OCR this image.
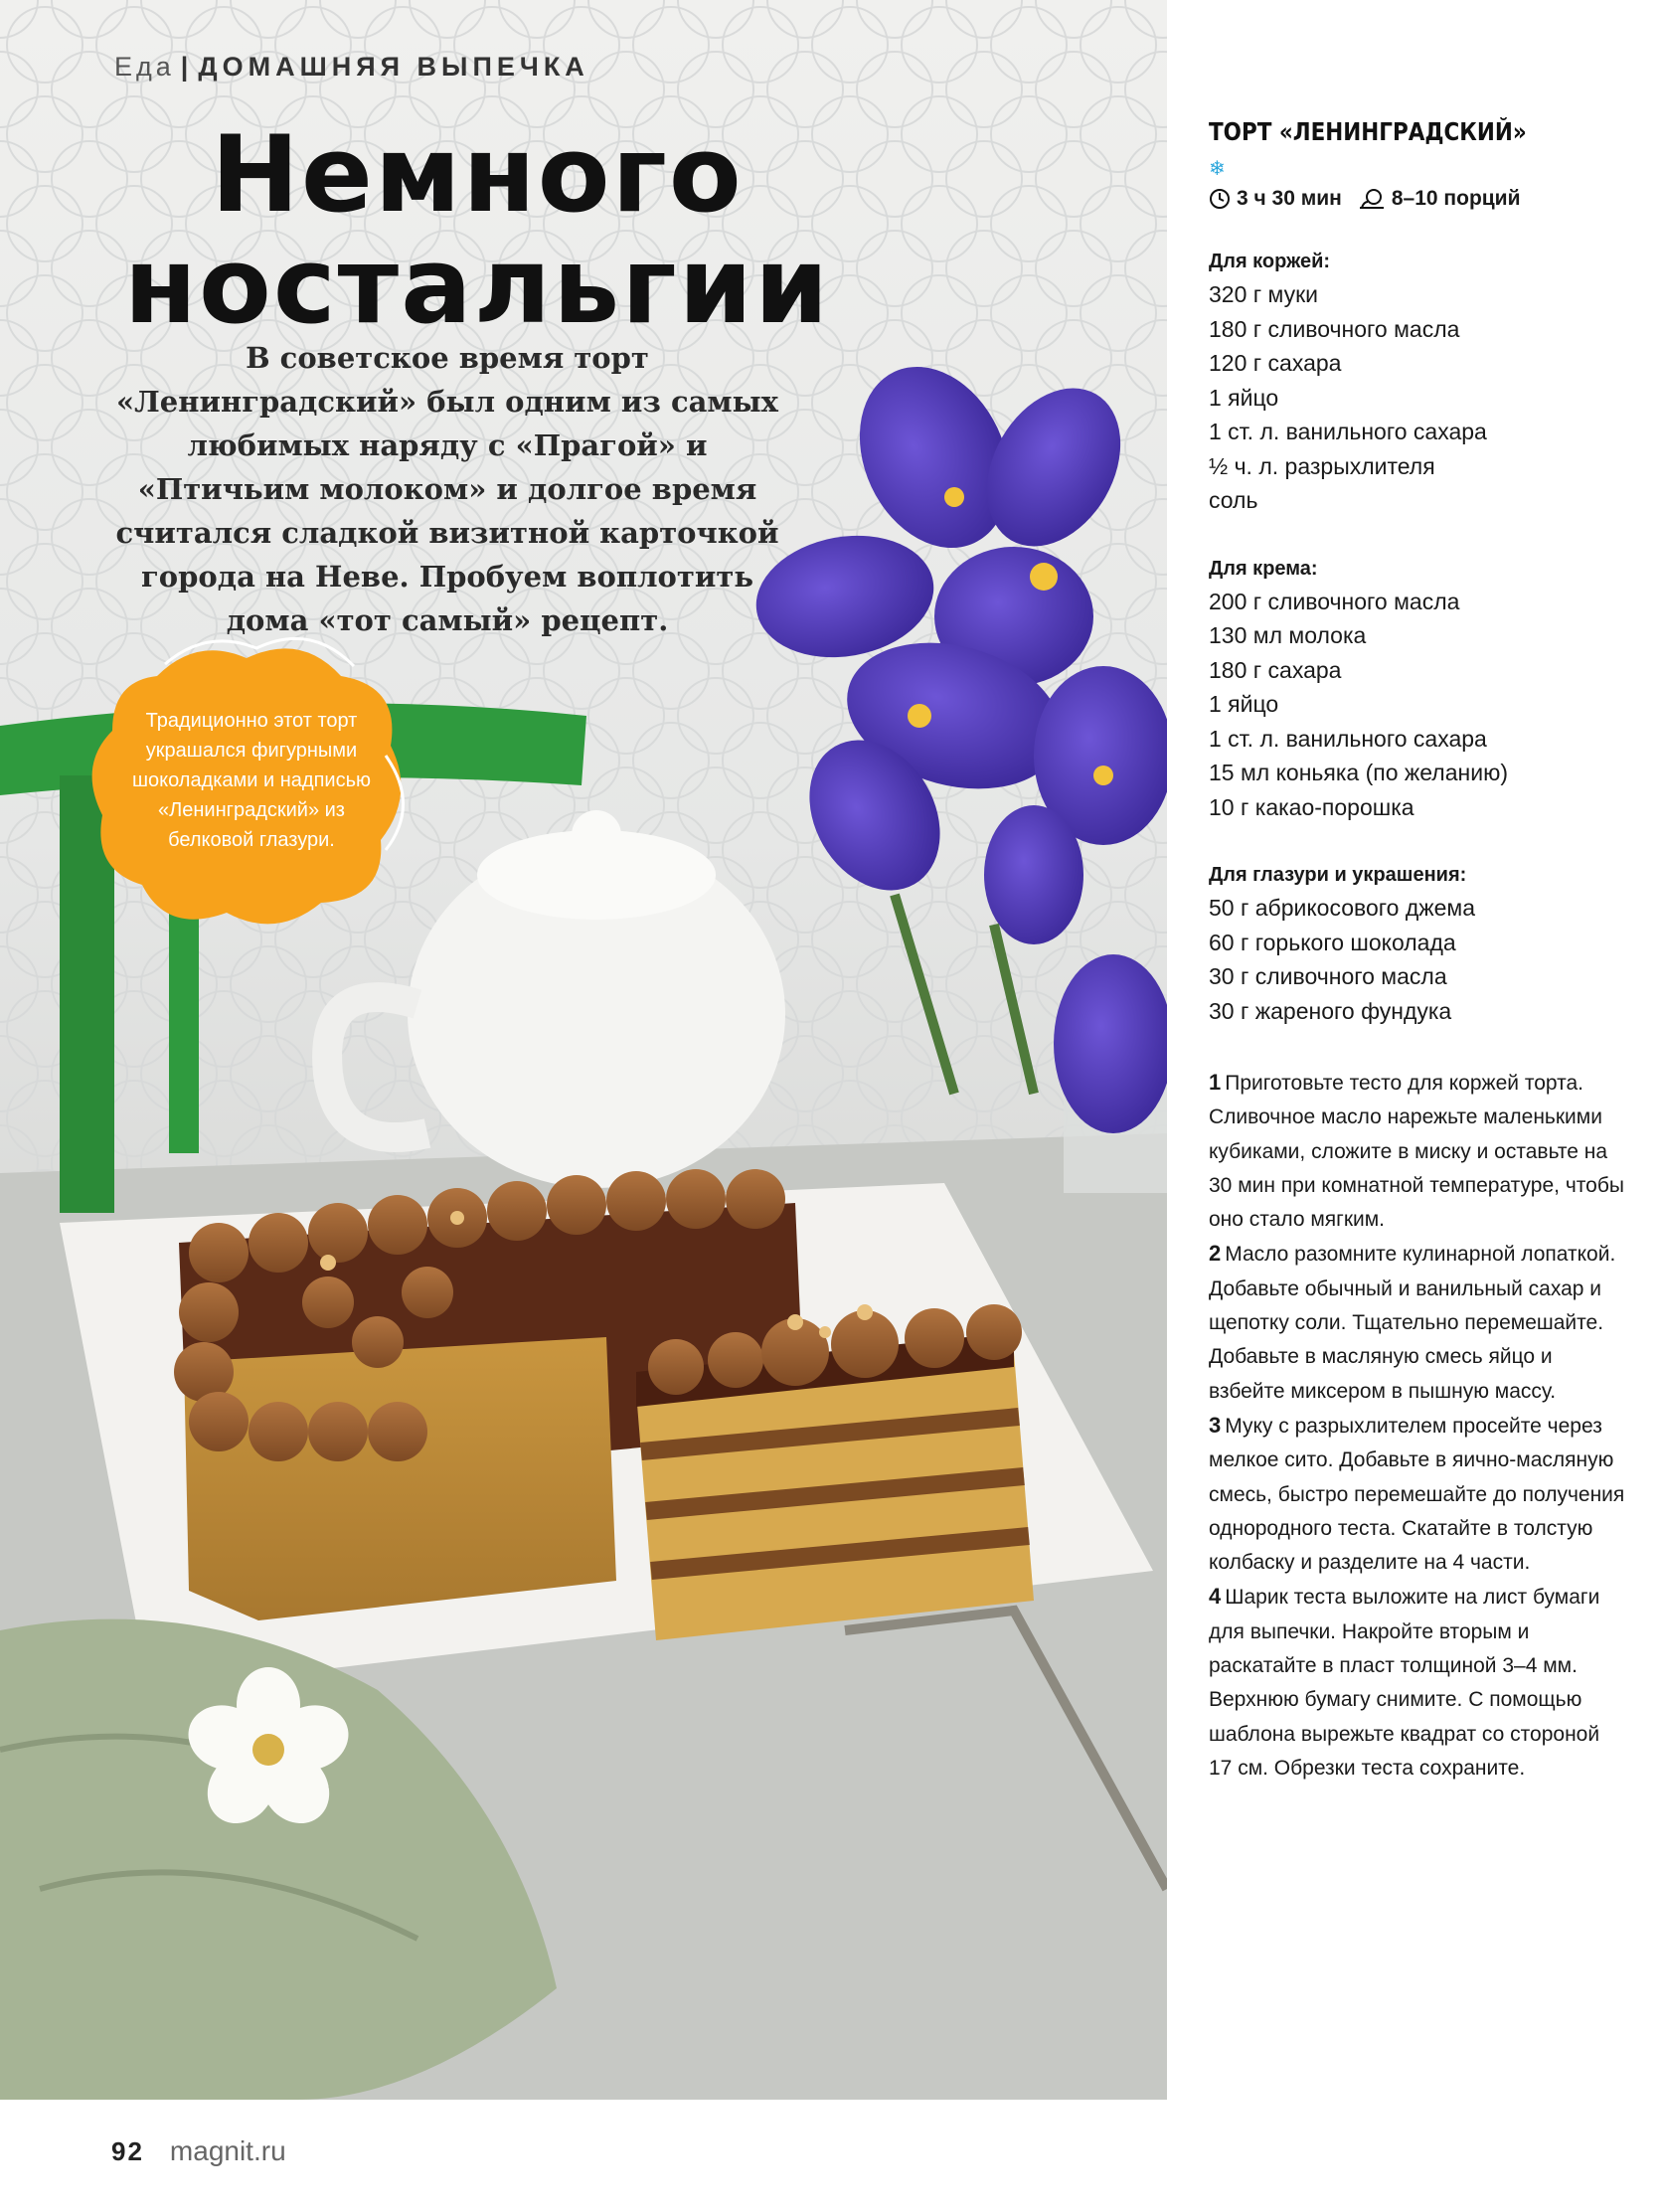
Еда | ДОМАШНЯЯ ВЫПЕЧКА
Немного
ностальгии

В советское время торт «Ленинградский» был одним из самых любимых наряду с «Прагой» и «Птичьим молоком» и долгое время считался сладкой визитной карточкой города на Неве. Пробуем воплотить дома «тот самый» рецепт.

Традиционно этот торт украшался фигурными шоколадками и надписью «Ленинградский» из белковой глазури.

ТОРТ «ЛЕНИНГРАДСКИЙ»
❄
3 ч 30 мин 8–10 порций

Для коржей:

320 г муки
180 г сливочного масла
120 г сахара
1 яйцо
1 ст. л. ванильного сахара
½ ч. л. разрыхлителя
соль

Для крема:

200 г сливочного масла
130 мл молока
180 г сахара
1 яйцо
1 ст. л. ванильного сахара
15 мл коньяка (по желанию)
10 г какао-порошка

Для глазури и украшения:

50 г абрикосового джема
60 г горького шоколада
30 г сливочного масла
30 г жареного фундука

1 Приготовьте тесто для коржей торта. Сливочное масло нарежьте маленькими кубиками, сложите в миску и оставьте на 30 мин при комнатной температуре, чтобы оно стало мягким.

2 Масло разомните кулинарной лопаткой. Добавьте обычный и ванильный сахар и щепотку соли. Тщательно перемешайте. Добавьте в масляную смесь яйцо и взбейте миксером в пышную массу.

3 Муку с разрыхлителем просейте через мелкое сито. Добавьте в яично-масляную смесь, быстро перемешайте до получения однородного теста. Скатайте в толстую колбаску и разделите на 4 части.

4 Шарик теста выложите на лист бумаги для выпечки. Накройте вторым и раскатайте в пласт толщиной 3–4 мм. Верхнюю бумагу снимите. С помощью шаблона вырежьте квадрат со стороной 17 см. Обрезки теста сохраните.

92 magnit.ru
